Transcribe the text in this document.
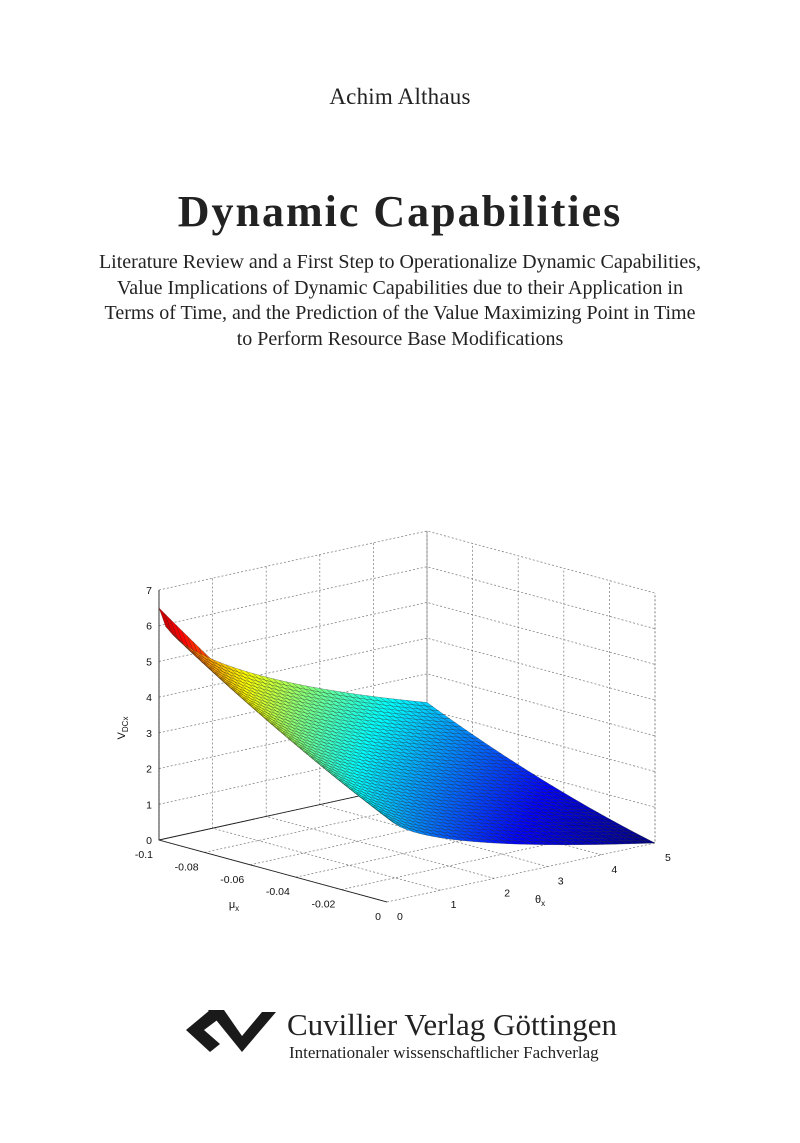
Achim Althaus
Dynamic Capabilities
Literature Review and a First Step to Operationalize Dynamic Capabilities,
Value Implications of Dynamic Capabilities due to their Application in
Terms of Time, and the Prediction of the Value Maximizing Point in Time
to Perform Resource Base Modifications
0
1
2
3
4
5
6
7
-0.1
-0.08
-0.06
-0.04
-0.02
0 0
1
2
3
4
5
$V_{DCx}$
$\mu_x$
$\theta_x$
Cuvillier Verlag Göttingen
Internationaler wissenschaftlicher Fachverlag
